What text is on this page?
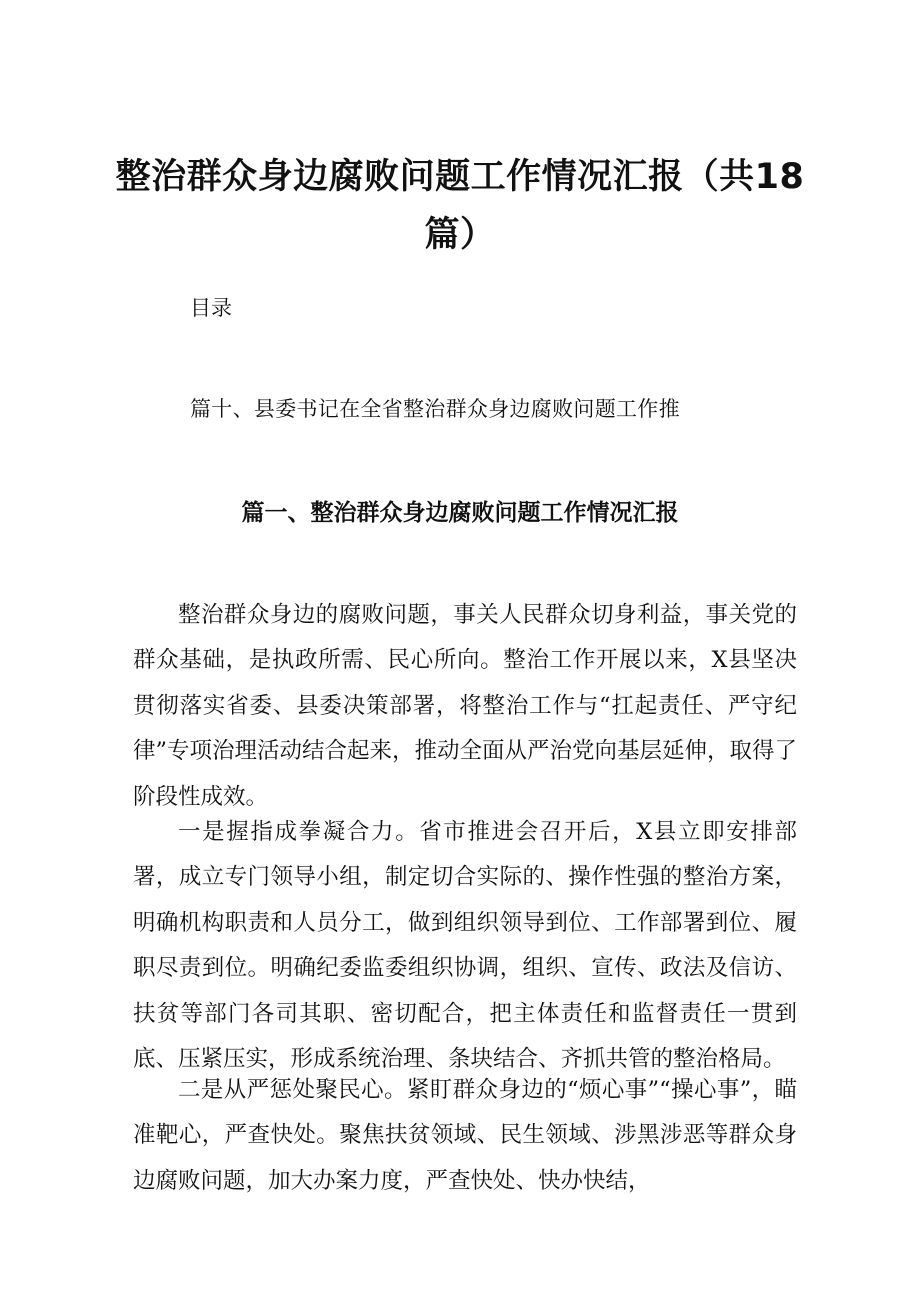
整治群众身边腐败问题工作情况汇报（共18篇）

目录

篇十、县委书记在全省整治群众身边腐败问题工作推

篇一、整治群众身边腐败问题工作情况汇报

整治群众身边的腐败问题，事关人民群众切身利益，事关党的群众基础，是执政所需、民心所向。整治工作开展以来，X县坚决贯彻落实省委、县委决策部署，将整治工作与“扛起责任、严守纪律”专项治理活动结合起来，推动全面从严治党向基层延伸，取得了阶段性成效。

一是握指成拳凝合力。省市推进会召开后，X县立即安排部署，成立专门领导小组，制定切合实际的、操作性强的整治方案，明确机构职责和人员分工，做到组织领导到位、工作部署到位、履职尽责到位。明确纪委监委组织协调，组织、宣传、政法及信访、扶贫等部门各司其职、密切配合，把主体责任和监督责任一贯到底、压紧压实，形成系统治理、条块结合、齐抓共管的整治格局。

二是从严惩处聚民心。紧盯群众身边的“烦心事”“操心事”，瞄准靶心，严查快处。聚焦扶贫领域、民生领域、涉黑涉恶等群众身边腐败问题，加大办案力度，严查快处、快办快结，
